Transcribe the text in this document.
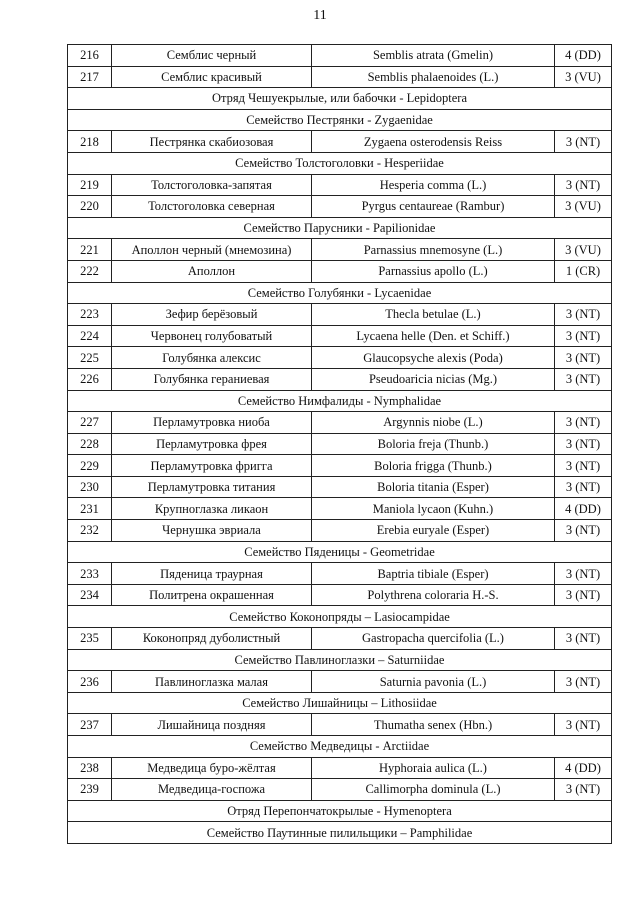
11
216	Семблис черный	Semblis atrata (Gmelin)	4 (DD)
217	Семблис красивый	Semblis phalaenoides (L.)	3 (VU)
Отряд Чешуекрылые, или бабочки - Lepidoptera			
Семейство Пестрянки - Zygaenidae			
218	Пестрянка скабиозовая	Zygaena osterodensis Reiss	3 (NT)
Семейство Толстоголовки - Hesperiidae			
219	Толстоголовка-запятая	Hesperia comma (L.)	3 (NT)
220	Толстоголовка северная	Pyrgus centaureae (Rambur)	3 (VU)
Семейство Парусники - Papilionidae			
221	Аполлон черный (мнемозина)	Parnassius mnemosyne (L.)	3 (VU)
222	Аполлон	Parnassius apollo (L.)	1 (CR)
Семейство Голубянки - Lycaenidae			
223	Зефир берёзовый	Thecla betulae (L.)	3 (NT)
224	Червонец голубоватый	Lycaena helle (Den. et Schiff.)	3 (NT)
225	Голубянка алексис	Glaucopsyche alexis (Poda)	3 (NT)
226	Голубянка гераниевая	Pseudoaricia nicias (Mg.)	3 (NT)
Семейство Нимфалиды - Nymphalidae			
227	Перламутровка ниоба	Argynnis niobe (L.)	3 (NT)
228	Перламутровка фрея	Boloria freja (Thunb.)	3 (NT)
229	Перламутровка фригга	Boloria frigga (Thunb.)	3 (NT)
230	Перламутровка титания	Boloria titania (Esper)	3 (NT)
231	Крупноглазка ликаон	Maniola lycaon (Kuhn.)	4 (DD)
232	Чернушка эвриала	Erebia euryale (Esper)	3 (NT)
Семейство Пяденицы - Geometridae			
233	Пяденица траурная	Baptria tibiale (Esper)	3 (NT)
234	Политрена окрашенная	Polythrena coloraria H.-S.	3 (NT)
Семейство Коконопряды – Lasiocampidae			
235	Коконопряд дуболистный	Gastropacha quercifolia (L.)	3 (NT)
Семейство Павлиноглазки – Saturniidae			
236	Павлиноглазка малая	Saturnia pavonia (L.)	3 (NT)
Семейство Лишайницы – Lithosiidae			
237	Лишайница поздняя	Thumatha senex (Hbn.)	3 (NT)
Семейство Медведицы - Arctiidae			
238	Медведица буро-жёлтая	Hyphoraia aulica (L.)	4 (DD)
239	Медведица-госпожа	Callimorpha dominula (L.)	3 (NT)
Отряд Перепончатокрылые - Hymenoptera			
Семейство Паутинные пилильщики – Pamphilidae			
